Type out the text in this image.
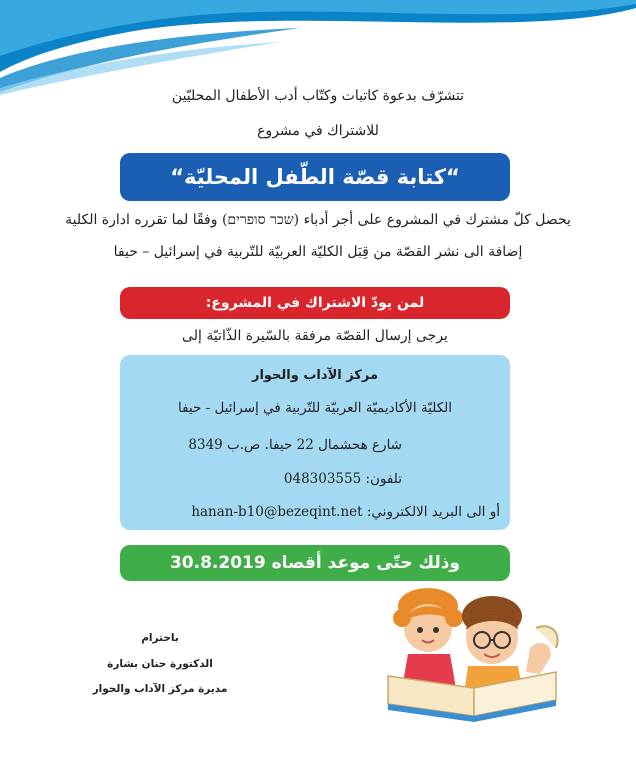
تتشرّف بدعوة كاتبات وكتّاب أدب الأطفال المحليّين
للاشتراك في مشروع
“كتابة قصّة الطّفل المحليّة“
يحصل كلّ مشترك في المشروع على أجر أدباء (שכר סופרים) وفقًا لما تقرره ادارة الكلية
إضافة الى نشر القصّة من قِبَل الكليّة العربيّة للتّربية في إسرائيل – حيفا
لمن يودّ الاشتراك في المشروع:
يرجى إرسال القصّة مرفقة بالسّيرة الذّاتيّة إلى
مركز الآداب والحوار
الكليّة الأكاديميّة العربيّة للتّربية في إسرائيل - حيفا
شارع هحشمال 22 حيفا. ص.ب 8349
تلفون: 048303555
أو الى البريد الالكتروني: hanan-b10@bezeqint.net
وذلك حتّى موعد أقصاه 30.8.2019
باحترام
الدكتورة حنان بشارة
مديرة مركز الآداب والحوار
